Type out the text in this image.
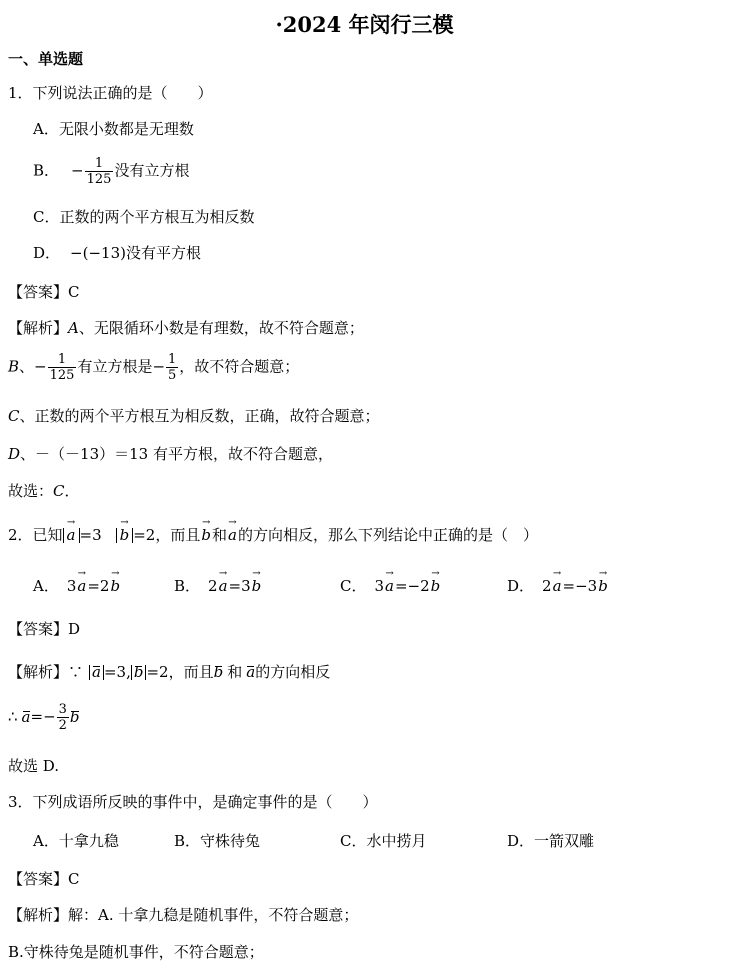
·2024 年闵行三模
一、单选题
1．下列说法正确的是（　　）
A．无限小数都是无理数
B． − $\frac{1}{125}$ 没有立方根
C．正数的两个平方根互为相反数
D． −(−13)没有平方根
【答案】C
【解析】A、无限循环小数是有理数，故不符合题意；
B、− $\frac{1}{125}$ 有立方根是− $\frac{1}{5}$ ，故不符合题意；
C、正数的两个平方根互为相反数，正确，故符合题意；
D、－（－13）＝13 有平方根，故不符合题意，
故选：C．
2．已知 → a =3 → b =2，而且→ b和→ a的方向相反，那么下列结论中正确的是（　）
A． 3→ a=2→ b	B． 2→ a=3→ b	C． 3→ a=−2→ b	D． 2→ a=−3→ b
【答案】D
【解析】∵ a =3, b =2，而且b 和 a的方向相反
∴ $a=- \frac{3}{2}$ b
故选 D.
3．下列成语所反映的事件中，是确定事件的是（　　）
A．十拿九稳	B．守株待兔	C．水中捞月	D．一箭双雕
【答案】C
【解析】解：A. 十拿九稳是随机事件，不符合题意；
B.守株待兔是随机事件，不符合题意；
